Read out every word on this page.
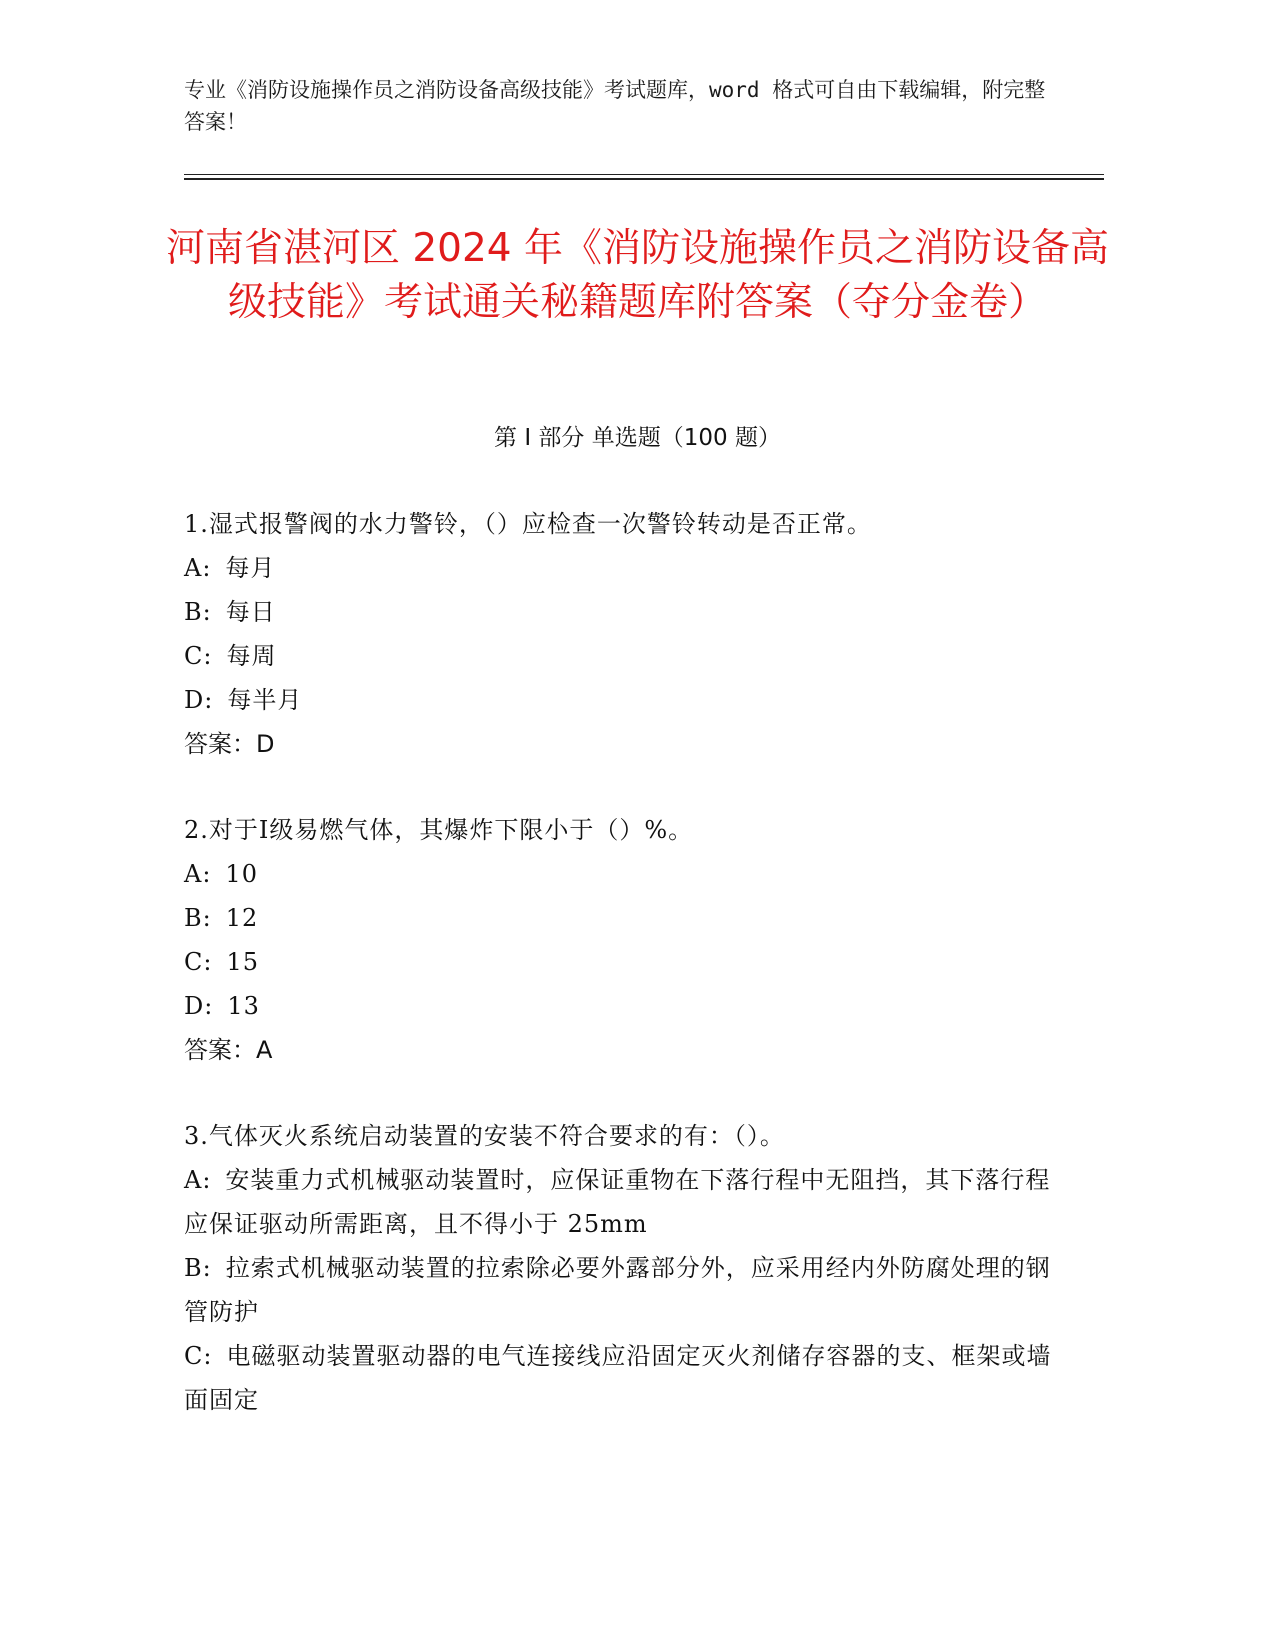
专业《消防设施操作员之消防设备高级技能》考试题库，word 格式可自由下载编辑，附完整答案！
河南省湛河区 2024 年《消防设施操作员之消防设备高级技能》考试通关秘籍题库附答案（夺分金卷）
第 I 部分 单选题（100 题）
1.湿式报警阀的水力警铃，（）应检查一次警铃转动是否正常。
A: 每月
B: 每日
C: 每周
D: 每半月
答案：D
2.对于Ⅰ级易燃气体，其爆炸下限小于（）%。
A: 10
B: 12
C: 15
D: 13
答案：A
3.气体灭火系统启动装置的安装不符合要求的有：（）。
A: 安装重力式机械驱动装置时，应保证重物在下落行程中无阻挡，其下落行程应保证驱动所需距离，且不得小于 25mm
B: 拉索式机械驱动装置的拉索除必要外露部分外，应采用经内外防腐处理的钢管防护
C: 电磁驱动装置驱动器的电气连接线应沿固定灭火剂储存容器的支、框架或墙面固定
